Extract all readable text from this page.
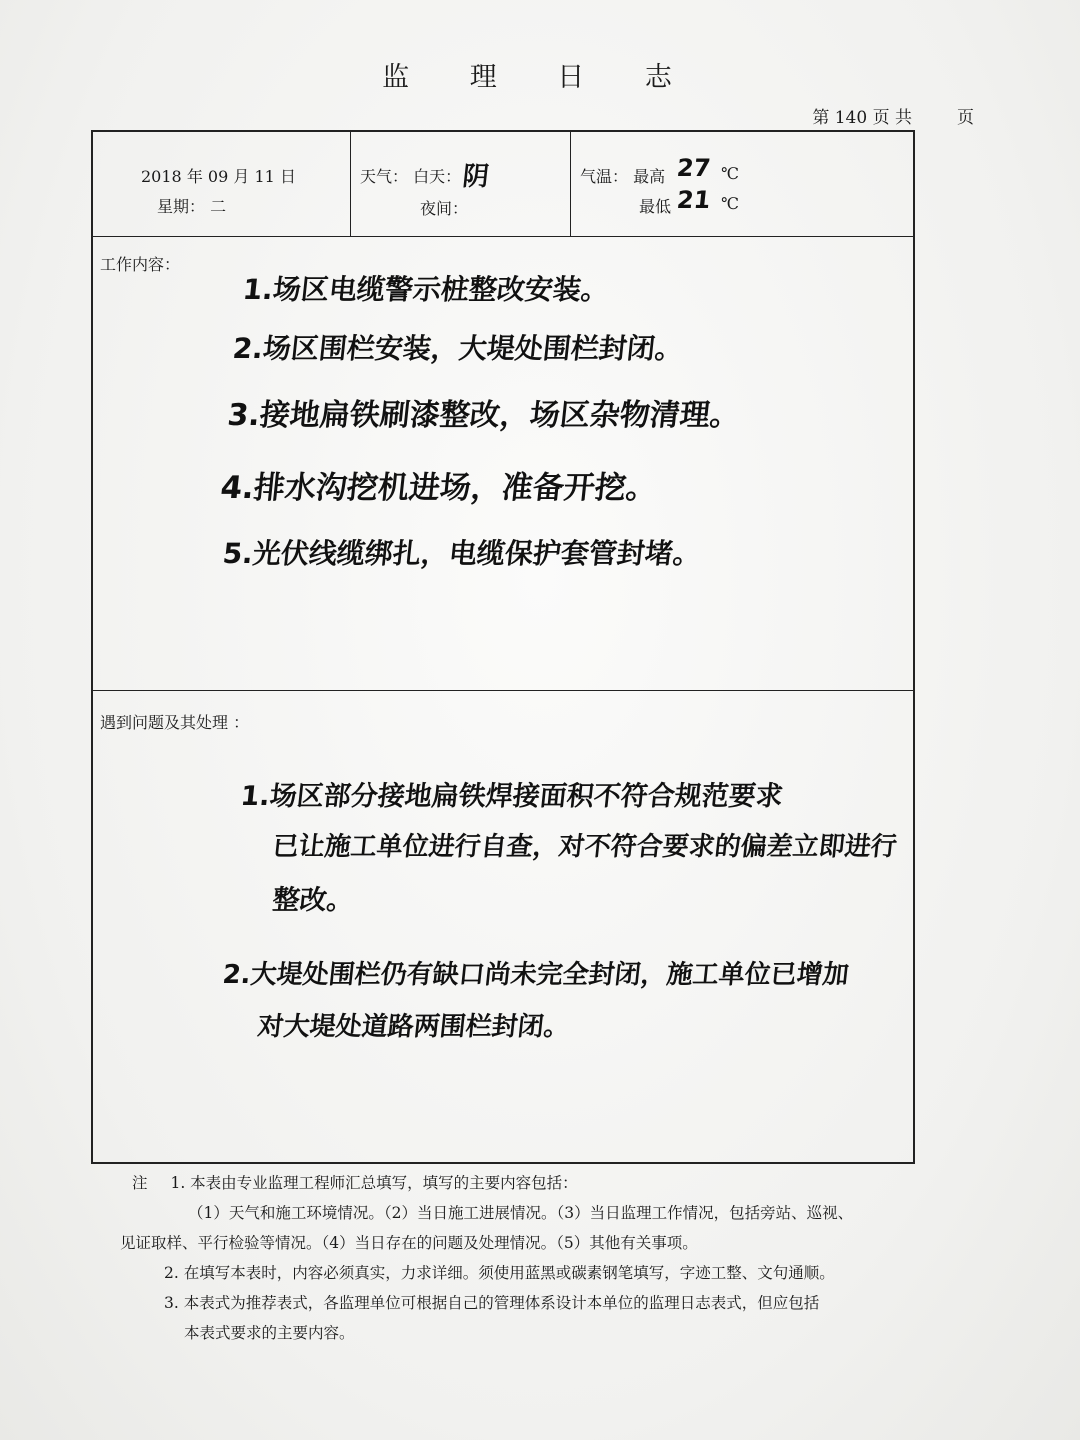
监 理 日 志
第 140 页 共	页
2018 年 09 月 11 日
星期： 二
天气： 白天： 阴
夜间：
气温： 最高 27 ℃
最低 21 ℃
工作内容：
1.场区电缆警示桩整改安装。
2.场区围栏安装，大堤处围栏封闭。
3.接地扁铁刷漆整改，场区杂物清理。
4.排水沟挖机进场，准备开挖。
5.光伏线缆绑扎，电缆保护套管封堵。
遇到问题及其处理 ：
1.场区部分接地扁铁焊接面积不符合规范要求
已让施工单位进行自查，对不符合要求的偏差立即进行
整改。
2.大堤处围栏仍有缺口尚未完全封闭，施工单位已增加
对大堤处道路两围栏封闭。
注 1. 本表由专业监理工程师汇总填写，填写的主要内容包括：
（1）天气和施工环境情况。（2）当日施工进展情况。（3）当日监理工作情况，包括旁站、巡视、
见证取样、平行检验等情况。（4）当日存在的问题及处理情况。（5）其他有关事项。
2. 在填写本表时，内容必须真实，力求详细。须使用蓝黑或碳素钢笔填写，字迹工整、文句通顺。
3. 本表式为推荐表式，各监理单位可根据自己的管理体系设计本单位的监理日志表式，但应包括
本表式要求的主要内容。
